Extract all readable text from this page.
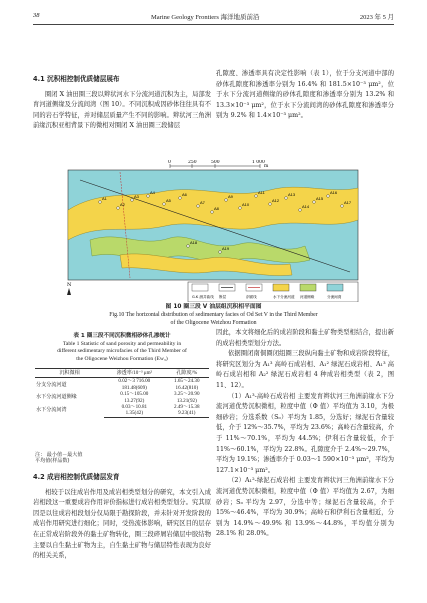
38	Marine Geology Frontiers 海洋地质前沿	2023 年 5 月
4.1 沉积相控制优质储层展布

圈闭 X 油田圈三段以辫状河水下分流河道沉积为主，局部发育河道侧缘及分流间湾（图 10）。不同沉积成因砂体往往具有不同的岩石学特征，并对储层质量产生不同的影响。辫状河三角洲前缘沉积亚相背景下的微相对圈闭 X 油田圈三段储层

孔隙度、渗透率具有决定性影响（表 1），位于分支河道中部的砂体孔隙度和渗透率分别为 16.4% 和 181.5×10⁻³ μm²，位于水下分流河道侧缘的砂体孔隙度和渗透率分别为 13.2% 和 13.3×10⁻³ μm²，位于水下分流间湾的砂体孔隙度和渗透率分别为 9.2% 和 1.4×10⁻³ μm²。

A1
A2
A3
A4
A5
A6
A7
A8
A9
A10
A11
A12
A13
A14
A15
A16
A17
A18
A19
0	250	500	1 000
m
N
G.K 测井曲线 断层	剖面线	水下分流河道 河道侧缘	分流间湾
图 10 圈三段 V 油层组沉积相平面图
Fig.10 The horizontal distribution of sedimentary facies of Od Set V in the Third Member
of the Oligocene Weizhou Formation
表 1 圈三段不同沉积微相砂体孔渗统计
Table 1 Statistic of sand porosity and permeability in
different sedimentary microfacies of the Third Member of
the Oligocene Weizhou Formation (Ew₃)
沉积微相	渗透率/10⁻³ μm²	孔隙度/%
分支分流河道	0.02～3 716.00	1.65～24.30
	181.48(609)	16.42(810)
水下分流河道侧缘	0.15～105.00	3.25～20.90
	13.27(92)	13.21(92)
水下分流间湾	0.03～10.81	2.49～15.38
	1.35(42)	9.23(41)
注： 最小值－最大值
平均值(样品数)
4.2 成岩相控制优质储层发育

相较于以往成岩作用及成岩相类型划分的研究，本文引入成岩相段这一重要成岩作用评价指标进行成岩相类型划分。究其原因是以往成岩相段划分仅局限于勘探阶段，并未针对开发阶段的成岩作用研究进行细化；同时，受热流体影响，研究区目的层存在正常成岩阶段外的黏土矿物转化，圈三段碎屑岩储层中胶结物主要以自生黏土矿物为主，自生黏土矿物与储层特性表现为良好的相关关系，

因此，本文将细化后的成岩阶段和黏土矿物类型相结合，提出新的成岩相类型划分方法。

依据圈闭南侗圈闭组圈三段纵向黏土矿物和成岩阶段特征，将研究区划分为 A₁³ 高岭石成岩相、A₁² 绿泥石成岩相、A₁³ 高岭石成岩相和 A₂² 绿泥石成岩相 4 种成岩相类型（表 2，图 11、12）。

（1）A₁³-高岭石成岩相 主要发育辫状河三角洲前缘水下分流河道优势沉积微相，粒度中值（Φ 值）平均值为 3.10，为极细砂岩；分选系数（Sₒ）平均为 1.85，分选好；绿泥石含量较低，介于 12%～35.7%，平均为 23.6%；高岭石含量较高，介于 11%～70.1%，平均为 44.5%；伊利石含量较低，介于 11%～60.1%，平均为 22.8%。孔隙度介于 2.4%～29.7%，平均为 19.1%；渗透率介于 0.03～1 590×10⁻³ μm²，平均为 127.1×10⁻³ μm²。

（2）A₁²-绿泥石成岩相 主要发育辫状河三角洲前缘水下分流河道优势沉积微相，粒度中值（Φ 值）平均值为 2.67，为细砂岩；Sₒ 平均为 2.97，分选中等；绿泥石含量较高，介于 15%～46.4%，平均为 30.9%；高岭石和伊利石含量相近，分别为 14.9%～49.9% 和 13.9%～44.8%，平均值分别为 28.1% 和 28.0%。
